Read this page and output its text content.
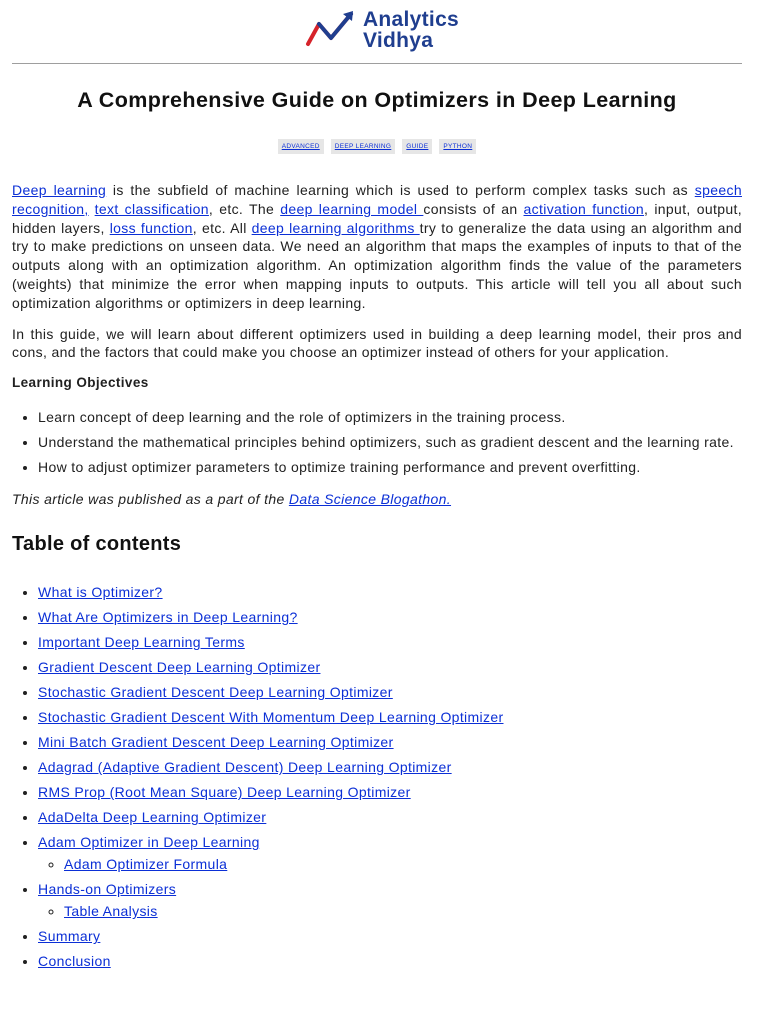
Analytics
Vidhya
A Comprehensive Guide on Optimizers in Deep Learning
ADVANCED	DEEP LEARNING	GUIDE	PYTHON

Deep learning is the subfield of machine learning which is used to perform complex tasks such as speech recognition, text classification, etc. The deep learning model consists of an activation function, input, output, hidden layers, loss function, etc. All deep learning algorithms try to generalize the data using an algorithm and try to make predictions on unseen data. We need an algorithm that maps the examples of inputs to that of the outputs along with an optimization algorithm. An optimization algorithm finds the value of the parameters (weights) that minimize the error when mapping inputs to outputs. This article will tell you all about such optimization algorithms or optimizers in deep learning.

In this guide, we will learn about different optimizers used in building a deep learning model, their pros and cons, and the factors that could make you choose an optimizer instead of others for your application.

Learning Objectives
• Learn concept of deep learning and the role of optimizers in the training process.
• Understand the mathematical principles behind optimizers, such as gradient descent and the learning rate.
• How to adjust optimizer parameters to optimize training performance and prevent overfitting.
This article was published as a part of the Data Science Blogathon.
Table of contents
• What is Optimizer?
• What Are Optimizers in Deep Learning?
• Important Deep Learning Terms
• Gradient Descent Deep Learning Optimizer
• Stochastic Gradient Descent Deep Learning Optimizer
• Stochastic Gradient Descent With Momentum Deep Learning Optimizer
• Mini Batch Gradient Descent Deep Learning Optimizer
• Adagrad (Adaptive Gradient Descent) Deep Learning Optimizer
• RMS Prop (Root Mean Square) Deep Learning Optimizer
• AdaDelta Deep Learning Optimizer
• Adam Optimizer in Deep Learning
◦ Adam Optimizer Formula
• Hands-on Optimizers
◦ Table Analysis
• Summary
• Conclusion
